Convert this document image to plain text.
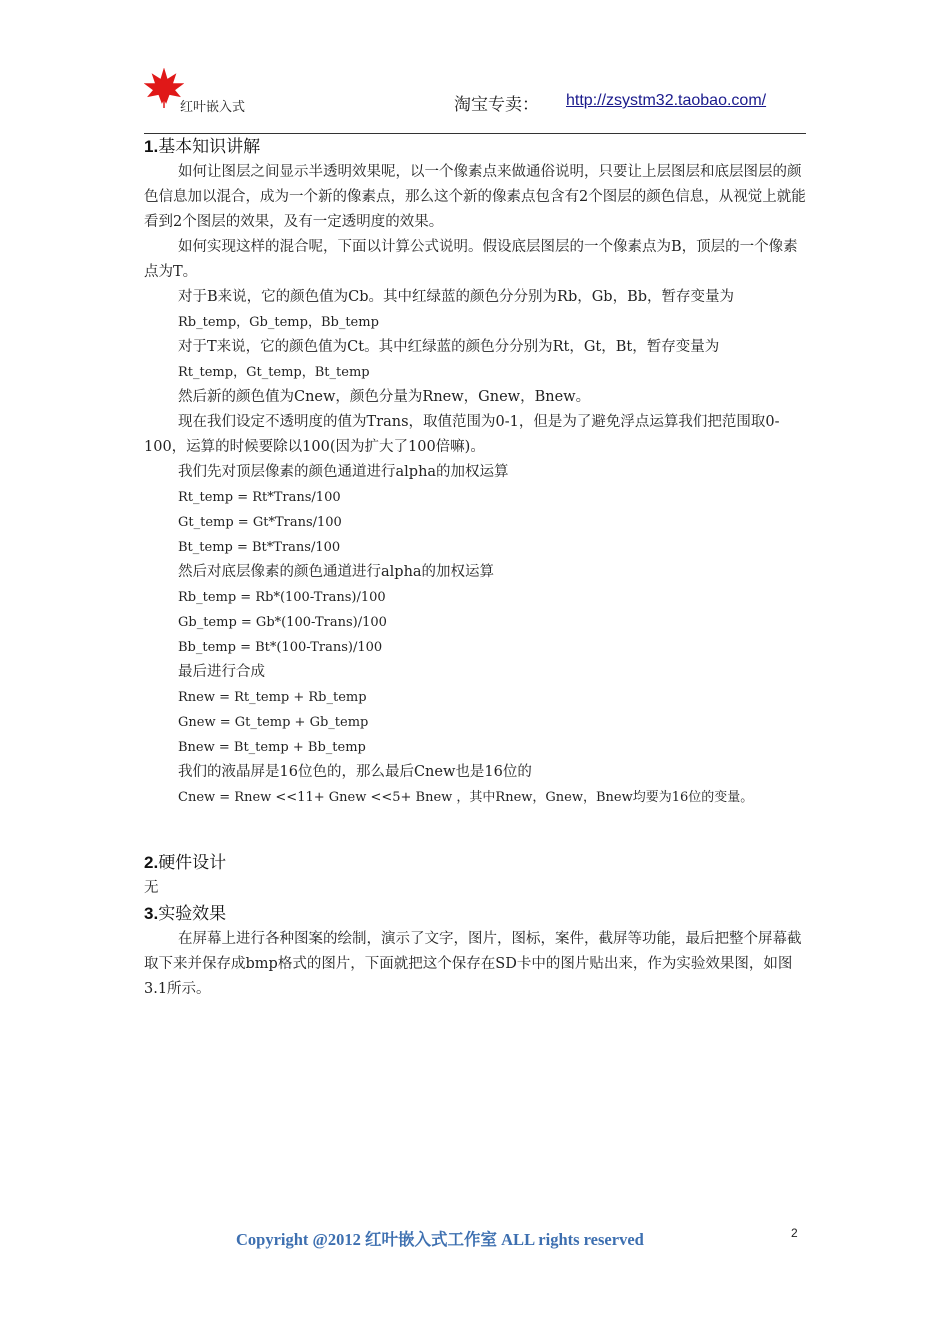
红叶嵌入式	淘宝专卖： http://zsystm32.taobao.com/
1.基本知识讲解

如何让图层之间显示半透明效果呢，以一个像素点来做通俗说明，只要让上层图层和底层图层的颜色信息加以混合，成为一个新的像素点，那么这个新的像素点包含有2个图层的颜色信息，从视觉上就能看到2个图层的效果，及有一定透明度的效果。

如何实现这样的混合呢，下面以计算公式说明。假设底层图层的一个像素点为B，顶层的一个像素点为T。

对于B来说，它的颜色值为Cb。其中红绿蓝的颜色分分别为Rb，Gb，Bb，暂存变量为

Rb_temp，Gb_temp，Bb_temp

对于T来说，它的颜色值为Ct。其中红绿蓝的颜色分分别为Rt，Gt，Bt，暂存变量为

Rt_temp，Gt_temp，Bt_temp

然后新的颜色值为Cnew，颜色分量为Rnew，Gnew，Bnew。

现在我们设定不透明度的值为Trans，取值范围为0-1，但是为了避免浮点运算我们把范围取0-100，运算的时候要除以100(因为扩大了100倍嘛)。

我们先对顶层像素的颜色通道进行alpha的加权运算

Rt_temp = Rt*Trans/100

Gt_temp = Gt*Trans/100

Bt_temp = Bt*Trans/100

然后对底层像素的颜色通道进行alpha的加权运算

Rb_temp = Rb*(100-Trans)/100

Gb_temp = Gb*(100-Trans)/100

Bb_temp = Bt*(100-Trans)/100

最后进行合成

Rnew = Rt_temp + Rb_temp

Gnew = Gt_temp + Gb_temp

Bnew = Bt_temp + Bb_temp

我们的液晶屏是16位色的，那么最后Cnew也是16位的

Cnew = Rnew <<11+ Gnew <<5+ Bnew ，其中Rnew，Gnew，Bnew均要为16位的变量。

2.硬件设计

无

3.实验效果

在屏幕上进行各种图案的绘制，演示了文字，图片，图标，案件，截屏等功能，最后把整个屏幕截取下来并保存成bmp格式的图片，下面就把这个保存在SD卡中的图片贴出来，作为实验效果图，如图3.1所示。

Copyright @2012 红叶嵌入式工作室 ALL rights reserved	2
